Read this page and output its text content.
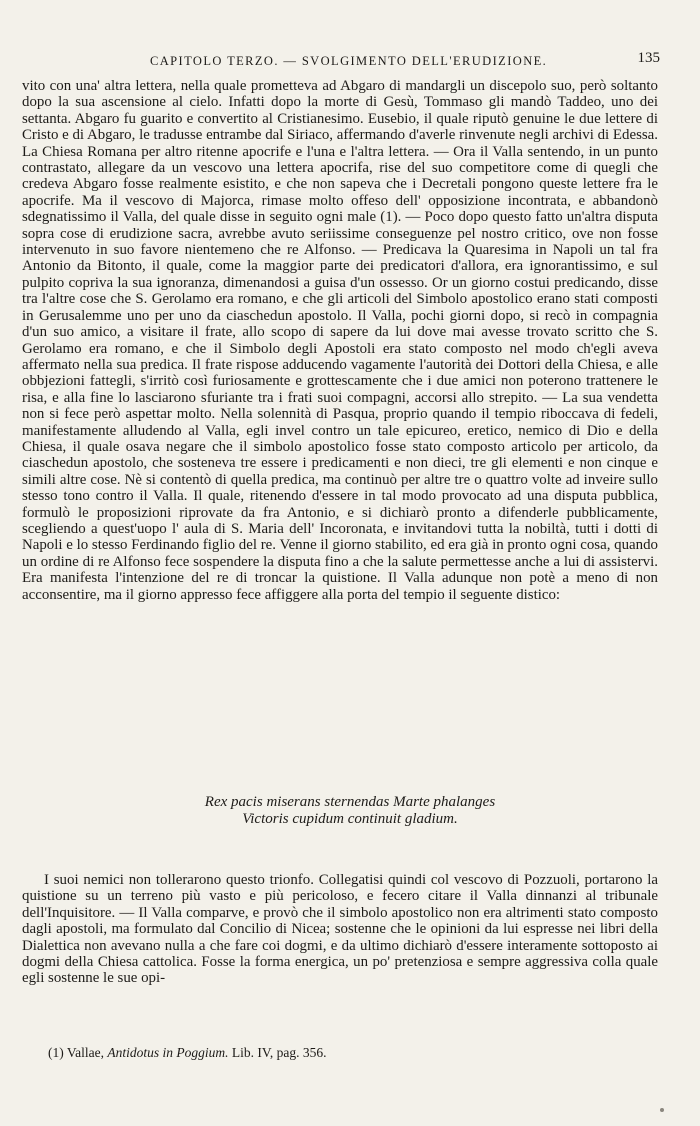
CAPITOLO TERZO. — SVOLGIMENTO DELL'ERUDIZIONE.	135

vito con una' altra lettera, nella quale prometteva ad Abgaro di mandargli un discepolo suo, però soltanto dopo la sua ascensione al cielo. Infatti dopo la morte di Gesù, Tommaso gli mandò Taddeo, uno dei settanta. Abgaro fu guarito e convertito al Cristianesimo. Eusebio, il quale riputò genuine le due lettere di Cristo e di Abgaro, le tradusse entrambe dal Siriaco, affermando d'averle rinvenute negli archivi di Edessa. La Chiesa Romana per altro ritenne apocrife e l'una e l'altra lettera. — Ora il Valla sentendo, in un punto contrastato, allegare da un vescovo una lettera apocrifa, rise del suo competitore come di quegli che credeva Abgaro fosse realmente esistito, e che non sapeva che i Decretali pongono queste lettere fra le apocrife. Ma il vescovo di Majorca, rimase molto offeso dell' opposizione incontrata, e abbandonò sdegnatissimo il Valla, del quale disse in seguito ogni male (1). — Poco dopo questo fatto un'altra disputa sopra cose di erudizione sacra, avrebbe avuto seriissime conseguenze pel nostro critico, ove non fosse intervenuto in suo favore nientemeno che re Alfonso. — Predicava la Quaresima in Napoli un tal fra Antonio da Bitonto, il quale, come la maggior parte dei predicatori d'allora, era ignorantissimo, e sul pulpito copriva la sua ignoranza, dimenandosi a guisa d'un ossesso. Or un giorno costui predicando, disse tra l'altre cose che S. Gerolamo era romano, e che gli articoli del Simbolo apostolico erano stati composti in Gerusalemme uno per uno da ciaschedun apostolo. Il Valla, pochi giorni dopo, si recò in compagnia d'un suo amico, a visitare il frate, allo scopo di sapere da lui dove mai avesse trovato scritto che S. Gerolamo era romano, e che il Simbolo degli Apostoli era stato composto nel modo ch'egli aveva affermato nella sua predica. Il frate rispose adducendo vagamente l'autorità dei Dottori della Chiesa, e alle obbjezioni fattegli, s'irritò così furiosamente e grottescamente che i due amici non poterono trattenere le risa, e alla fine lo lasciarono sfuriante tra i frati suoi compagni, accorsi allo strepito. — La sua vendetta non si fece però aspettar molto. Nella solennità di Pasqua, proprio quando il tempio riboccava di fedeli, manifestamente alludendo al Valla, egli invel contro un tale epicureo, eretico, nemico di Dio e della Chiesa, il quale osava negare che il simbolo apostolico fosse stato composto articolo per articolo, da ciaschedun apostolo, che sosteneva tre essere i predicamenti e non dieci, tre gli elementi e non cinque e simili altre cose. Nè si contentò di quella predica, ma continuò per altre tre o quattro volte ad inveire sullo stesso tono contro il Valla. Il quale, ritenendo d'essere in tal modo provocato ad una disputa pubblica, formulò le proposizioni riprovate da fra Antonio, e si dichiarò pronto a difenderle pubblicamente, scegliendo a quest'uopo l' aula di S. Maria dell' Incoronata, e invitandovi tutta la nobiltà, tutti i dotti di Napoli e lo stesso Ferdinando figlio del re. Venne il giorno stabilito, ed era già in pronto ogni cosa, quando un ordine di re Alfonso fece sospendere la disputa fino a che la salute permettesse anche a lui di assistervi. Era manifesta l'intenzione del re di troncar la quistione. Il Valla adunque non potè a meno di non acconsentire, ma il giorno appresso fece affiggere alla porta del tempio il seguente distico:

Rex pacis miserans sternendas Marte phalanges
Victoris cupidum continuit gladium.

I suoi nemici non tollerarono questo trionfo. Collegatisi quindi col vescovo di Pozzuoli, portarono la quistione su un terreno più vasto e più pericoloso, e fecero citare il Valla dinnanzi al tribunale dell'Inquisitore. — Il Valla comparve, e provò che il simbolo apostolico non era altrimenti stato composto dagli apostoli, ma formulato dal Concilio di Nicea; sostenne che le opinioni da lui espresse nei libri della Dialettica non avevano nulla a che fare coi dogmi, e da ultimo dichiarò d'essere interamente sottoposto ai dogmi della Chiesa cattolica. Fosse la forma energica, un po' pretenziosa e sempre aggressiva colla quale egli sostenne le sue opi-

(1) Vallae, Antidotus in Poggium. Lib. IV, pag. 356.
